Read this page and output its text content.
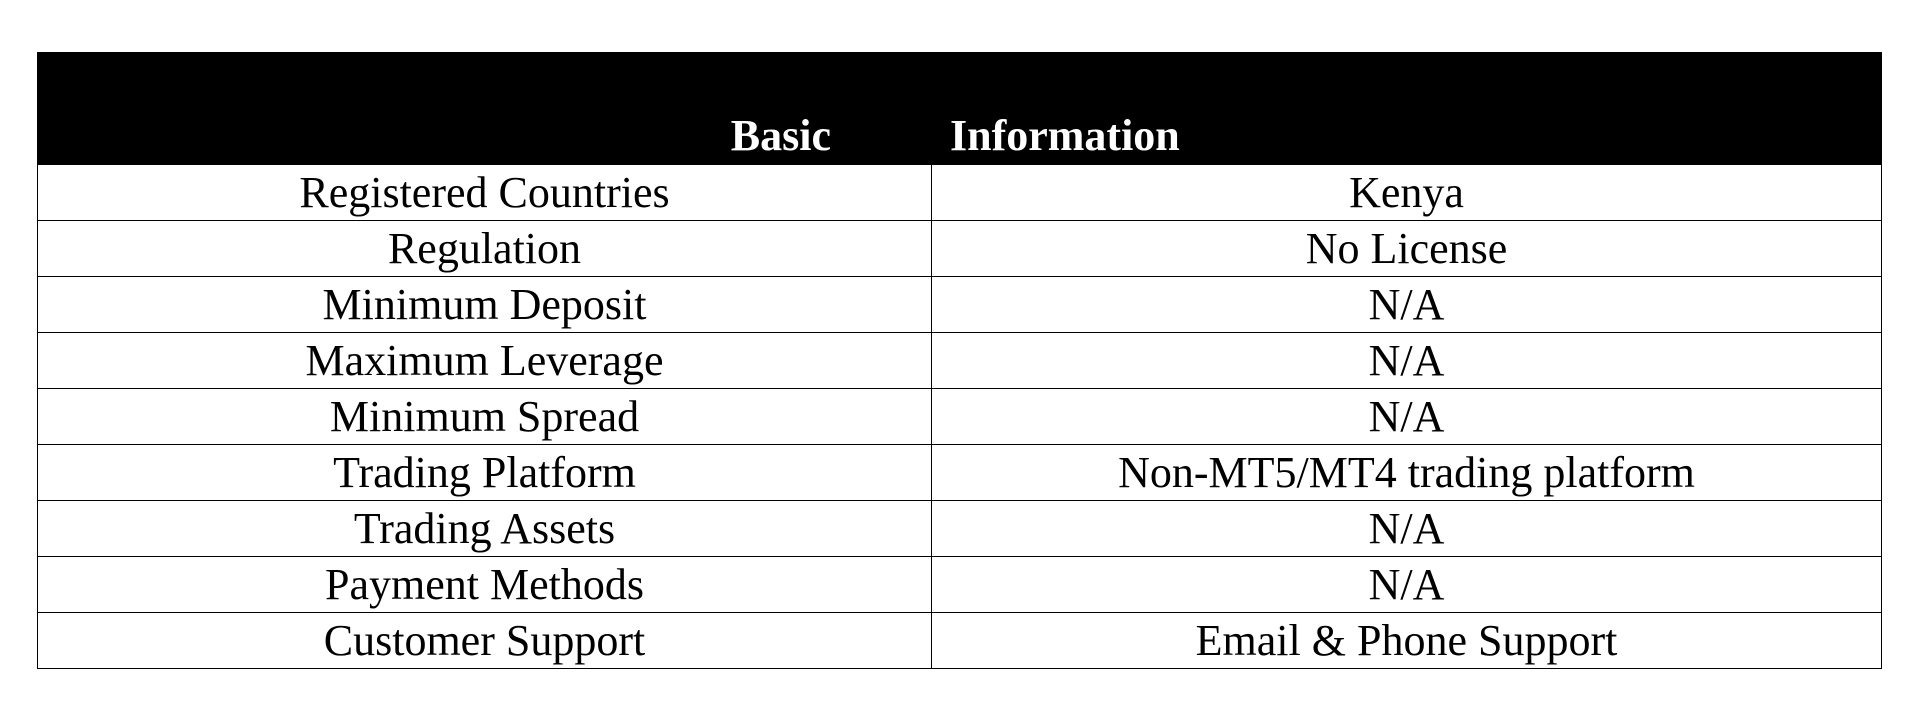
Basic	Information
Registered Countries	Kenya
Regulation	No License
Minimum Deposit	N/A
Maximum Leverage	N/A
Minimum Spread	N/A
Trading Platform	Non-MT5/MT4 trading platform
Trading Assets	N/A
Payment Methods	N/A
Customer Support	Email & Phone Support
